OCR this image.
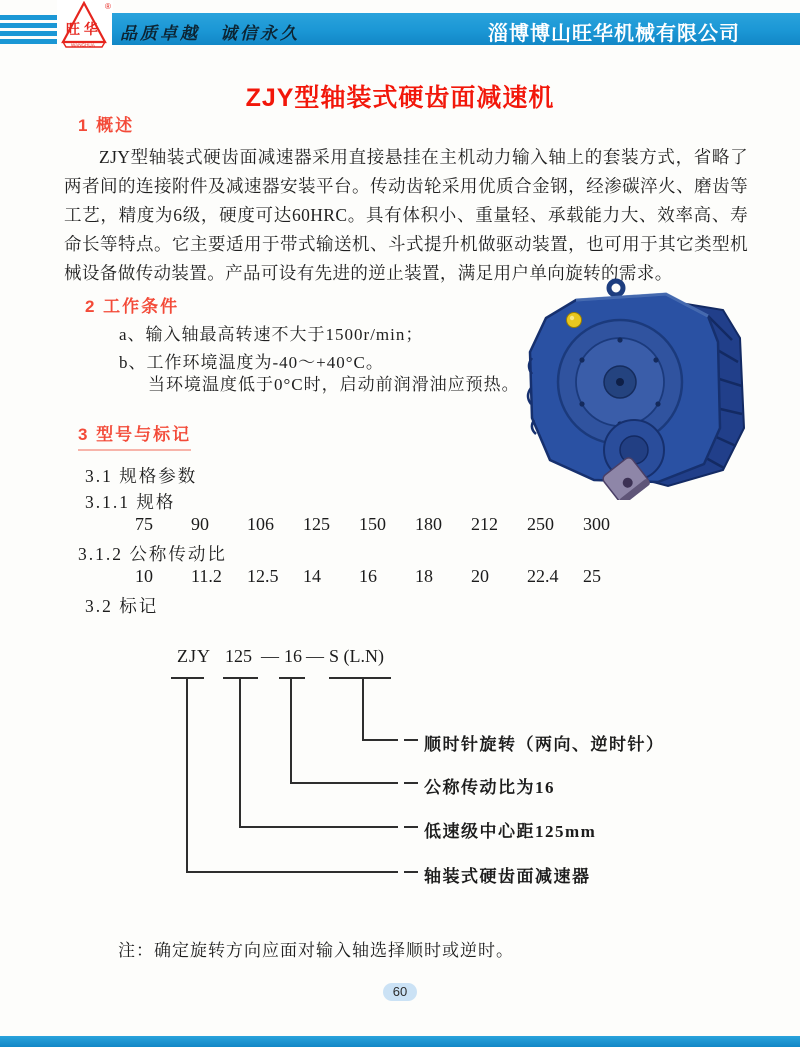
旺 华
WANGHUA
®
品质卓越　诚信永久	淄博博山旺华机械有限公司
ZJY型轴装式硬齿面减速机
1 概述
ZJY型轴装式硬齿面减速器采用直接悬挂在主机动力输入轴上的套装方式，省略了两者间的连接附件及减速器安装平台。传动齿轮采用优质合金钢，经渗碳淬火、磨齿等工艺，精度为6级，硬度可达60HRC。具有体积小、重量轻、承载能力大、效率高、寿命长等特点。它主要适用于带式输送机、斗式提升机做驱动装置，也可用于其它类型机械设备做传动装置。产品可设有先进的逆止装置，满足用户单向旋转的需求。
2 工作条件
a、输入轴最高转速不大于1500r/min；
b、工作环境温度为-40～+40°C。
当环境温度低于0°C时，启动前润滑油应预热。
3 型号与标记
3.1 规格参数
3.1.1 规格
75 90 106 125 150 180 212 250 300
3.1.2 公称传动比
10 11.2 12.5 14 16 18 20 22.4 25
3.2 标记
ZJY 125 — 16 — S (L.N)
顺时针旋转（两向、逆时针）
公称传动比为16
低速级中心距125mm
轴装式硬齿面减速器
注：确定旋转方向应面对输入轴选择顺时或逆时。
60
